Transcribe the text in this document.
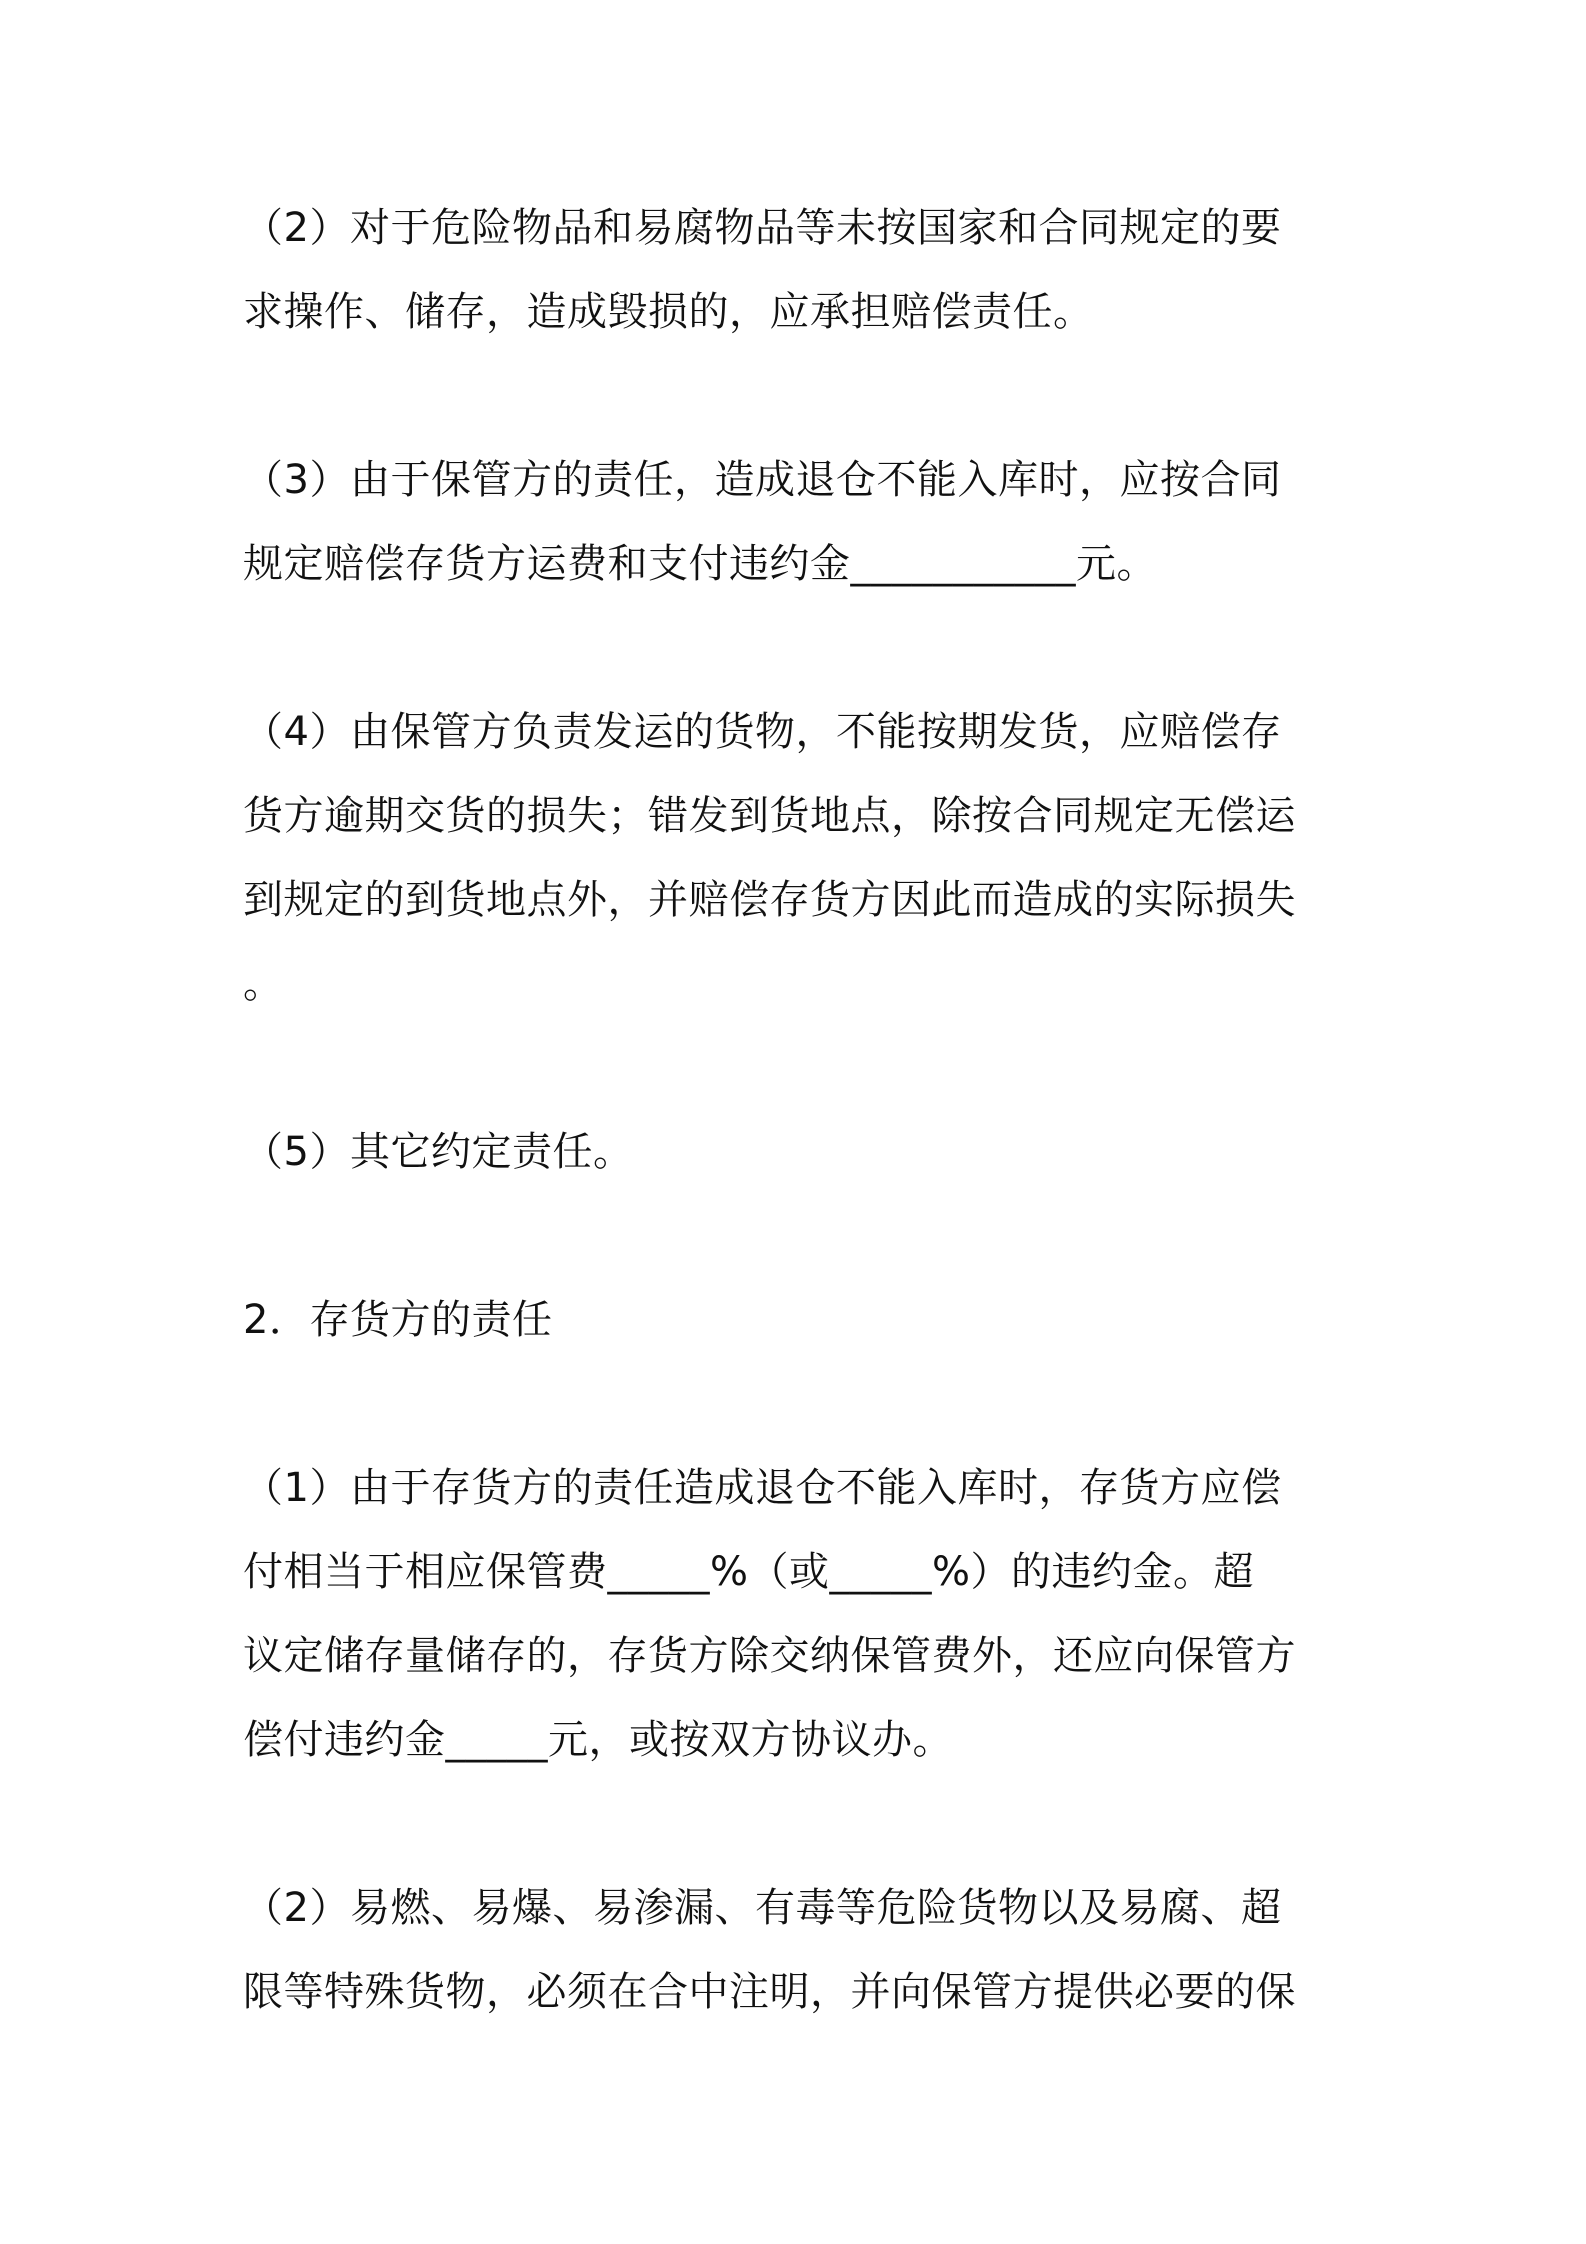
（2）对于危险物品和易腐物品等未按国家和合同规定的要
求操作、储存，造成毁损的，应承担赔偿责任。
（3）由于保管方的责任，造成退仓不能入库时，应按合同
规定赔偿存货方运费和支付违约金___________元。
（4）由保管方负责发运的货物，不能按期发货，应赔偿存
货方逾期交货的损失；错发到货地点，除按合同规定无偿运
到规定的到货地点外，并赔偿存货方因此而造成的实际损失
。
（5）其它约定责任。
2．存货方的责任
（1）由于存货方的责任造成退仓不能入库时，存货方应偿
付相当于相应保管费_____%（或_____%）的违约金。超
议定储存量储存的，存货方除交纳保管费外，还应向保管方
偿付违约金_____元，或按双方协议办。
（2）易燃、易爆、易渗漏、有毒等危险货物以及易腐、超
限等特殊货物，必须在合中注明，并向保管方提供必要的保
